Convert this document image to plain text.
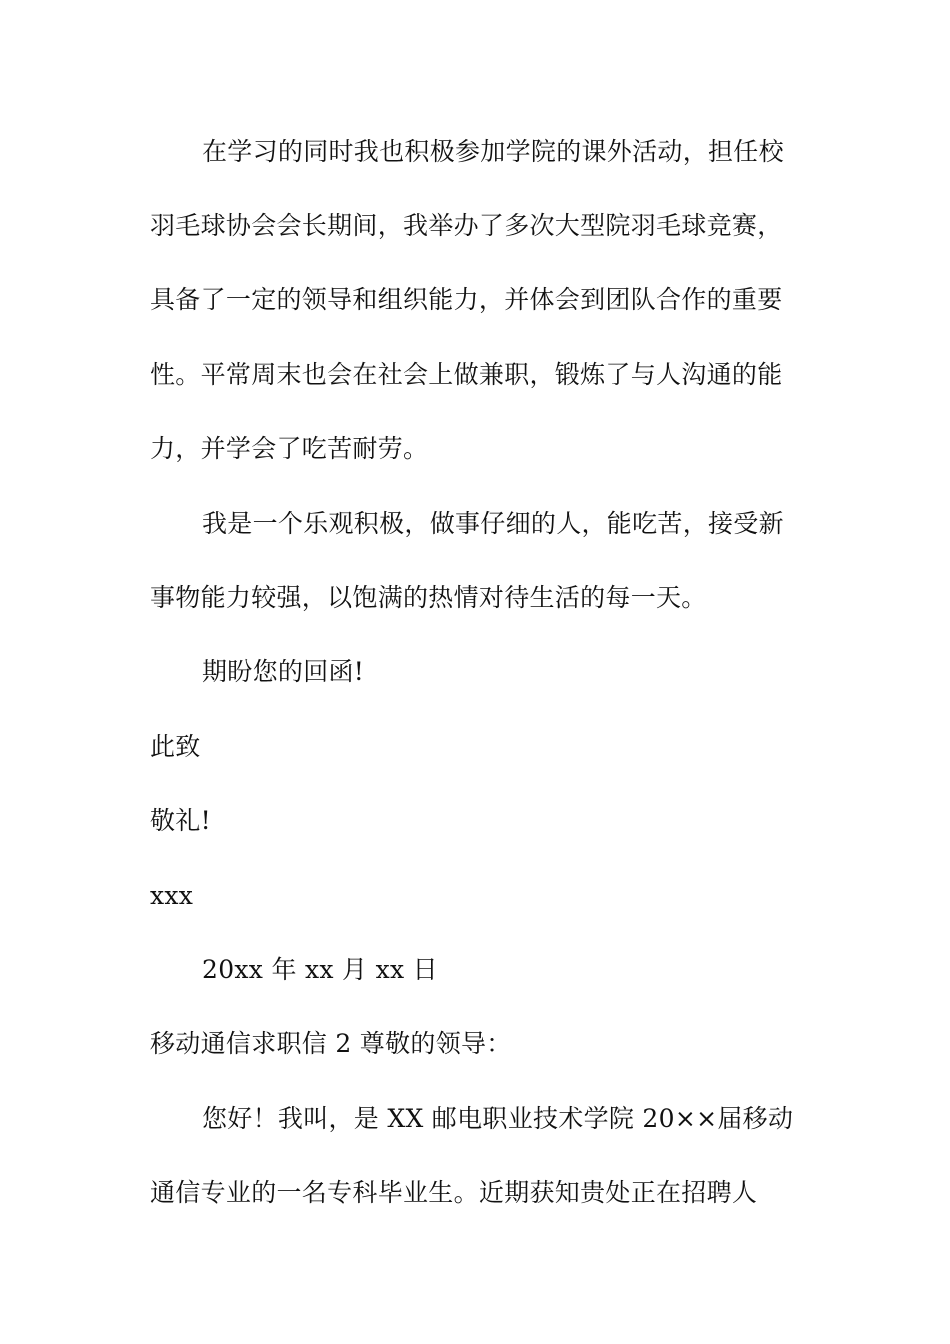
在学习的同时我也积极参加学院的课外活动，担任校
羽毛球协会会长期间，我举办了多次大型院羽毛球竞赛，
具备了一定的领导和组织能力，并体会到团队合作的重要
性。平常周末也会在社会上做兼职，锻炼了与人沟通的能
力，并学会了吃苦耐劳。
我是一个乐观积极，做事仔细的人，能吃苦，接受新
事物能力较强，以饱满的热情对待生活的每一天。
期盼您的回函!
此致
敬礼!
xxx
20xx 年 xx 月 xx 日
移动通信求职信 2 尊敬的领导：
您好！我叫，是 XX 邮电职业技术学院 20××届移动
通信专业的一名专科毕业生。近期获知贵处正在招聘人
